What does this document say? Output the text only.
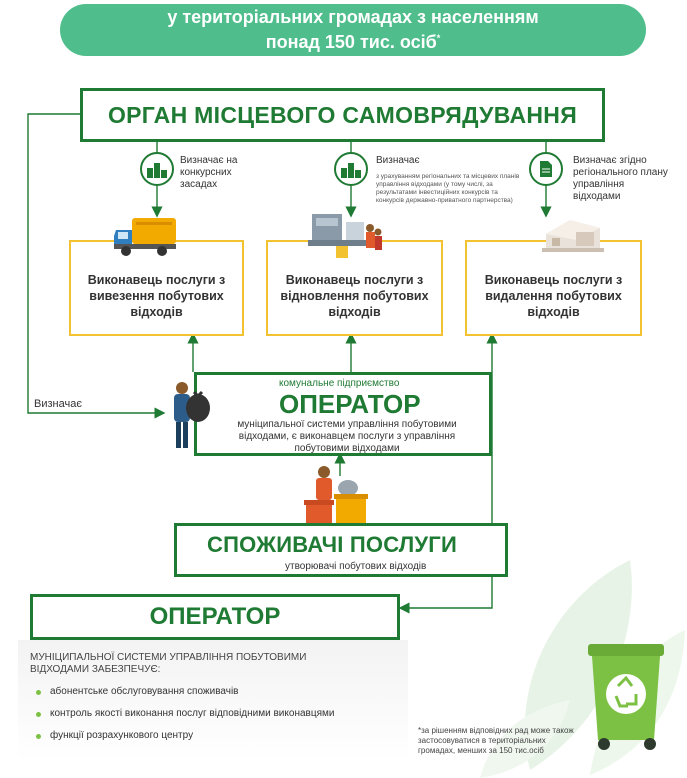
у територіальних громадах з населенням
понад 150 тис. осіб*
ОРГАН МІСЦЕВОГО САМОВРЯДУВАННЯ
Визначає на конкурсних засадах
Визначає
з урахуванням регіональних та місцевих планів управління відходами (у тому числі, за результатами інвестиційних конкурсів та конкурсів державно-приватного партнерства)
Визначає згідно регіонального плану управління відходами
Виконавець послуги з вивезення побутових відходів
Виконавець послуги з відновлення побутових відходів
Виконавець послуги з видалення побутових відходів
Визначає
комунальне підприємство
ОПЕРАТОР
муніципальної системи управління побутовими відходами, є виконавцем послуги з управління побутовими відходами
СПОЖИВАЧІ ПОСЛУГИ
утворювачі побутових відходів
ОПЕРАТОР
МУНІЦИПАЛЬНОЇ СИСТЕМИ УПРАВЛІННЯ ПОБУТОВИМИ ВІДХОДАМИ ЗАБЕЗПЕЧУЄ:
абонентське обслуговування споживачів
контроль якості виконання послуг відповідними виконавцями
функції розрахункового центру	*за рішенням відповідних рад може також застосовуватися в територіальних громадах, менших за 150 тис.осіб
